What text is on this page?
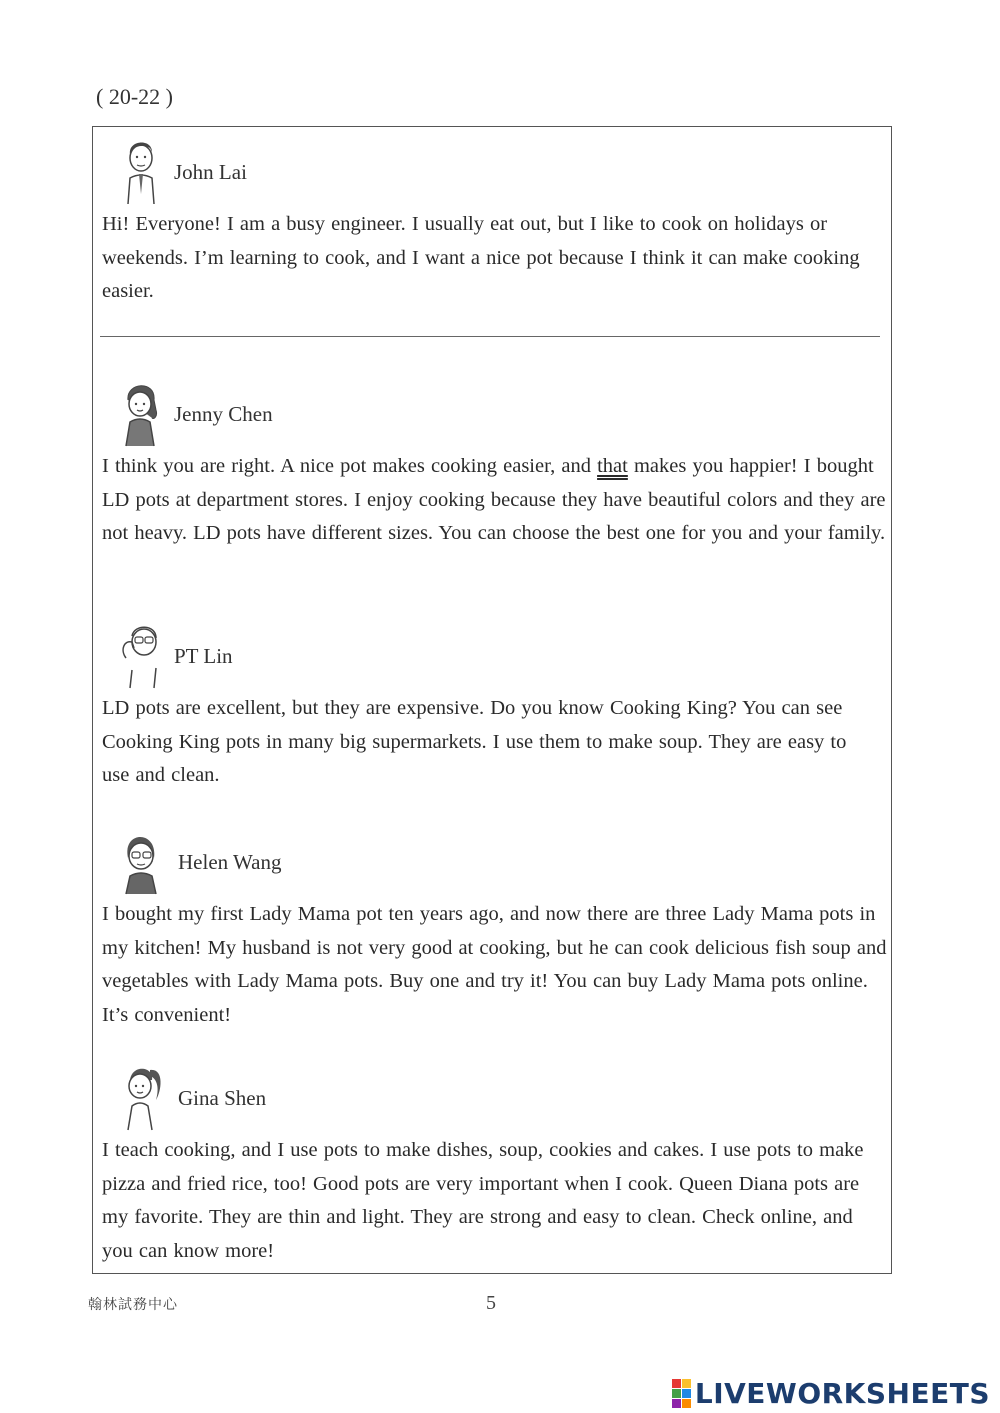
( 20-22 )
John Lai

Hi! Everyone! I am a busy engineer. I usually eat out, but I like to cook on holidays or weekends. I’m learning to cook, and I want a nice pot because I think it can make cooking easier.

Jenny Chen

I think you are right. A nice pot makes cooking easier, and that makes you happier! I bought LD pots at department stores. I enjoy cooking because they have beautiful colors and they are not heavy. LD pots have different sizes. You can choose the best one for you and your family.

PT Lin

LD pots are excellent, but they are expensive. Do you know Cooking King? You can see Cooking King pots in many big supermarkets. I use them to make soup. They are easy to use and clean.

Helen Wang

I bought my first Lady Mama pot ten years ago, and now there are three Lady Mama pots in my kitchen! My husband is not very good at cooking, but he can cook delicious fish soup and vegetables with Lady Mama pots. Buy one and try it! You can buy Lady Mama pots online. It’s convenient!

Gina Shen

I teach cooking, and I use pots to make dishes, soup, cookies and cakes. I use pots to make pizza and fried rice, too! Good pots are very important when I cook. Queen Diana pots are my favorite. They are thin and light. They are strong and easy to clean. Check online, and you can know more!

翰林試務中心	5
LIVEWORKSHEETS
